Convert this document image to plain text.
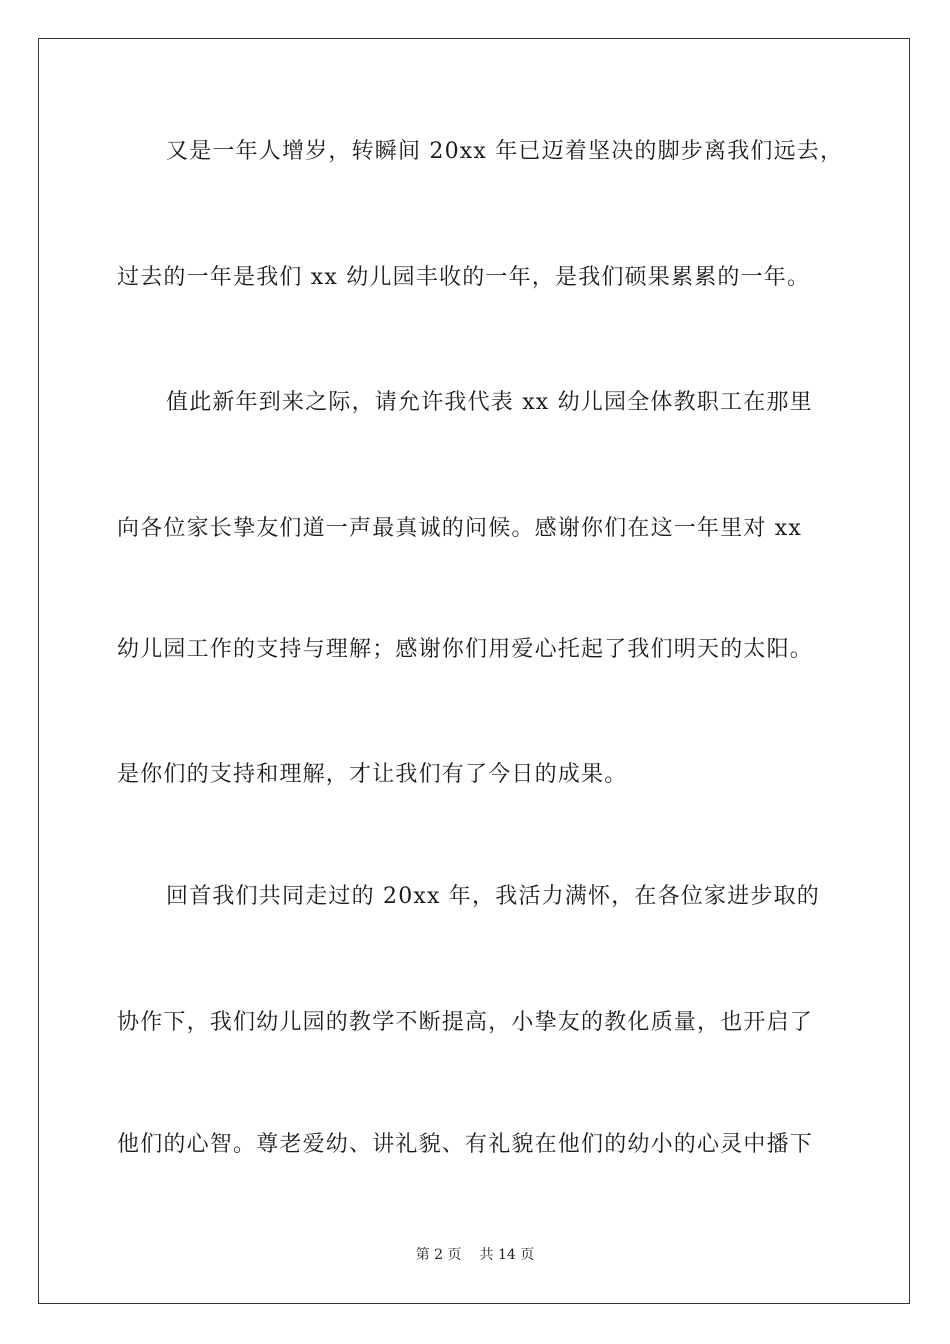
又是一年人增岁，转瞬间 20xx 年已迈着坚决的脚步离我们远去，
过去的一年是我们 xx 幼儿园丰收的一年，是我们硕果累累的一年。
值此新年到来之际，请允许我代表 xx 幼儿园全体教职工在那里
向各位家长挚友们道一声最真诚的问候。感谢你们在这一年里对 xx
幼儿园工作的支持与理解；感谢你们用爱心托起了我们明天的太阳。
是你们的支持和理解，才让我们有了今日的成果。
回首我们共同走过的 20xx 年，我活力满怀，在各位家进步取的
协作下，我们幼儿园的教学不断提高，小挚友的教化质量，也开启了
他们的心智。尊老爱幼、讲礼貌、有礼貌在他们的幼小的心灵中播下
第 2 页 共 14 页
